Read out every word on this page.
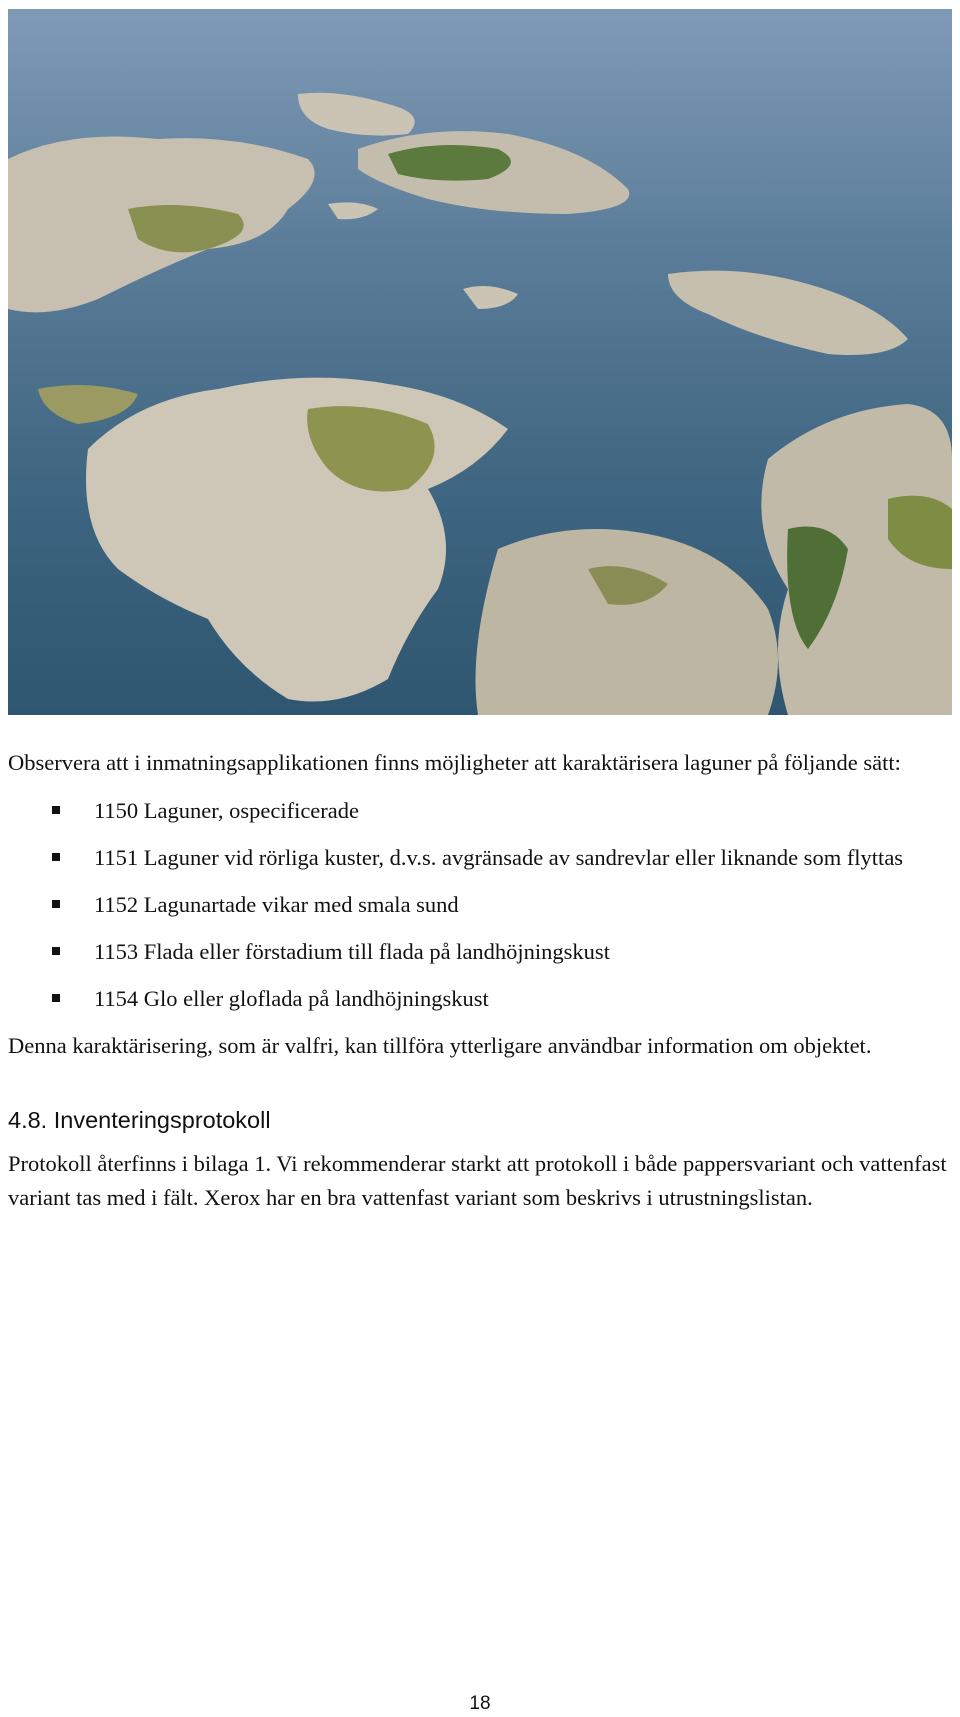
Observera att i inmatningsapplikationen finns möjligheter att karaktärisera laguner på följande sätt:

1150 Laguner, ospecificerade
1151 Laguner vid rörliga kuster, d.v.s. avgränsade av sandrevlar eller liknande som flyttas
1152 Lagunartade vikar med smala sund
1153 Flada eller förstadium till flada på landhöjningskust
1154 Glo eller gloflada på landhöjningskust

Denna karaktärisering, som är valfri, kan tillföra ytterligare användbar information om objektet.

4.8. Inventeringsprotokoll

Protokoll återfinns i bilaga 1. Vi rekommenderar starkt att protokoll i både pappersvariant och vattenfast variant tas med i fält. Xerox har en bra vattenfast variant som beskrivs i utrustningslistan.

18
